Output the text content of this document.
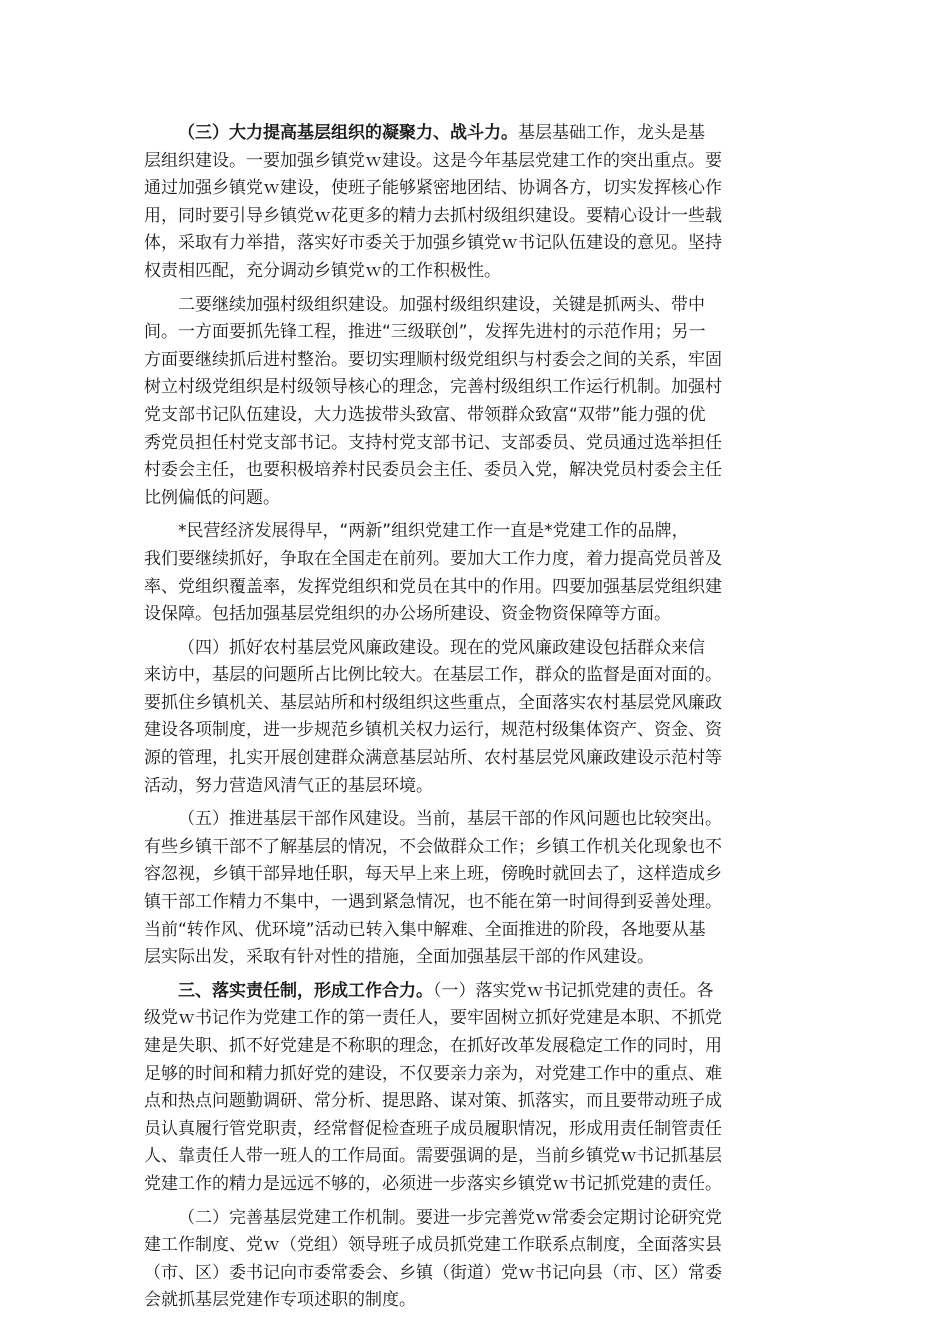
（三）大力提高基层组织的凝聚力、战斗力。基层基础工作，龙头是基
层组织建设。一要加强乡镇党ｗ建设。这是今年基层党建工作的突出重点。要
通过加强乡镇党ｗ建设，使班子能够紧密地团结、协调各方，切实发挥核心作
用，同时要引导乡镇党ｗ花更多的精力去抓村级组织建设。要精心设计一些载
体，采取有力举措，落实好市委关于加强乡镇党ｗ书记队伍建设的意见。坚持
权责相匹配，充分调动乡镇党ｗ的工作积极性。
二要继续加强村级组织建设。加强村级组织建设，关键是抓两头、带中
间。一方面要抓先锋工程，推进“三级联创”，发挥先进村的示范作用；另一
方面要继续抓后进村整治。要切实理顺村级党组织与村委会之间的关系，牢固
树立村级党组织是村级领导核心的理念，完善村级组织工作运行机制。加强村
党支部书记队伍建设，大力选拔带头致富、带领群众致富“双带”能力强的优
秀党员担任村党支部书记。支持村党支部书记、支部委员、党员通过选举担任
村委会主任，也要积极培养村民委员会主任、委员入党，解决党员村委会主任
比例偏低的问题。
*民营经济发展得早，“两新”组织党建工作一直是*党建工作的品牌，
我们要继续抓好，争取在全国走在前列。要加大工作力度，着力提高党员普及
率、党组织覆盖率，发挥党组织和党员在其中的作用。四要加强基层党组织建
设保障。包括加强基层党组织的办公场所建设、资金物资保障等方面。
（四）抓好农村基层党风廉政建设。现在的党风廉政建设包括群众来信
来访中，基层的问题所占比例比较大。在基层工作，群众的监督是面对面的。
要抓住乡镇机关、基层站所和村级组织这些重点，全面落实农村基层党风廉政
建设各项制度，进一步规范乡镇机关权力运行，规范村级集体资产、资金、资
源的管理，扎实开展创建群众满意基层站所、农村基层党风廉政建设示范村等
活动，努力营造风清气正的基层环境。
（五）推进基层干部作风建设。当前，基层干部的作风问题也比较突出。
有些乡镇干部不了解基层的情况，不会做群众工作；乡镇工作机关化现象也不
容忽视，乡镇干部异地任职，每天早上来上班，傍晚时就回去了，这样造成乡
镇干部工作精力不集中，一遇到紧急情况，也不能在第一时间得到妥善处理。
当前“转作风、优环境”活动已转入集中解难、全面推进的阶段，各地要从基
层实际出发，采取有针对性的措施，全面加强基层干部的作风建设。
三、落实责任制，形成工作合力。（一）落实党ｗ书记抓党建的责任。各
级党ｗ书记作为党建工作的第一责任人，要牢固树立抓好党建是本职、不抓党
建是失职、抓不好党建是不称职的理念，在抓好改革发展稳定工作的同时，用
足够的时间和精力抓好党的建设，不仅要亲力亲为，对党建工作中的重点、难
点和热点问题勤调研、常分析、提思路、谋对策、抓落实，而且要带动班子成
员认真履行管党职责，经常督促检查班子成员履职情况，形成用责任制管责任
人、靠责任人带一班人的工作局面。需要强调的是，当前乡镇党ｗ书记抓基层
党建工作的精力是远远不够的，必须进一步落实乡镇党ｗ书记抓党建的责任。
（二）完善基层党建工作机制。要进一步完善党ｗ常委会定期讨论研究党
建工作制度、党ｗ（党组）领导班子成员抓党建工作联系点制度，全面落实县
（市、区）委书记向市委常委会、乡镇（街道）党ｗ书记向县（市、区）常委
会就抓基层党建作专项述职的制度。
